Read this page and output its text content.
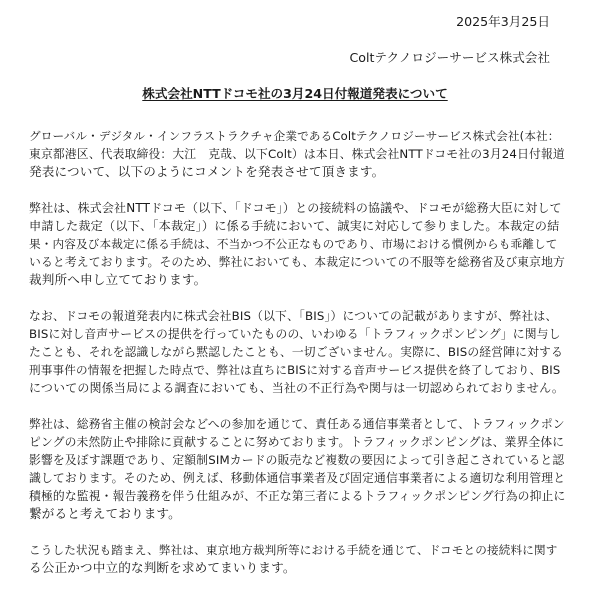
2025年3月25日
Coltテクノロジーサービス株式会社
株式会社NTTドコモ社の3月24日付報道発表について
グローバル・デジタル・インフラストラクチャ企業であるColtテクノロジーサービス株式会社(本社：
東京都港区、代表取締役：大江　克哉、以下Colt）は本日、株式会社NTTドコモ社の3月24日付報道
発表について、以下のようにコメントを発表させて頂きます。
弊社は、株式会社NTTドコモ（以下、「ドコモ」）との接続料の協議や、ドコモが総務大臣に対して
申請した裁定（以下、「本裁定」）に係る手続において、誠実に対応して参りました。本裁定の結
果・内容及び本裁定に係る手続は、不当かつ不公正なものであり、市場における慣例からも乖離して
いると考えております。そのため、弊社においても、本裁定についての不服等を総務省及び東京地方
裁判所へ申し立てております。
なお、ドコモの報道発表内に株式会社BIS（以下、「BIS」）についての記載がありますが、弊社は、
BISに対し音声サービスの提供を行っていたものの、いわゆる「トラフィックポンピング」に関与し
たことも、それを認識しながら黙認したことも、一切ございません。実際に、BISの経営陣に対する
刑事事件の情報を把握した時点で、弊社は直ちにBISに対する音声サービス提供を終了しており、BIS
についての関係当局による調査においても、当社の不正行為や関与は一切認められておりません。
弊社は、総務省主催の検討会などへの参加を通じて、責任ある通信事業者として、トラフィックポン
ピングの未然防止や排除に貢献することに努めております。トラフィックポンピングは、業界全体に
影響を及ぼす課題であり、定額制SIMカードの販売など複数の要因によって引き起こされていると認
識しております。そのため、例えば、移動体通信事業者及び固定通信事業者による適切な利用管理と
積極的な監視・報告義務を伴う仕組みが、不正な第三者によるトラフィックポンピング行為の抑止に
繋がると考えております。
こうした状況も踏まえ、弊社は、東京地方裁判所等における手続を通じて、ドコモとの接続料に関す
る公正かつ中立的な判断を求めてまいります。
